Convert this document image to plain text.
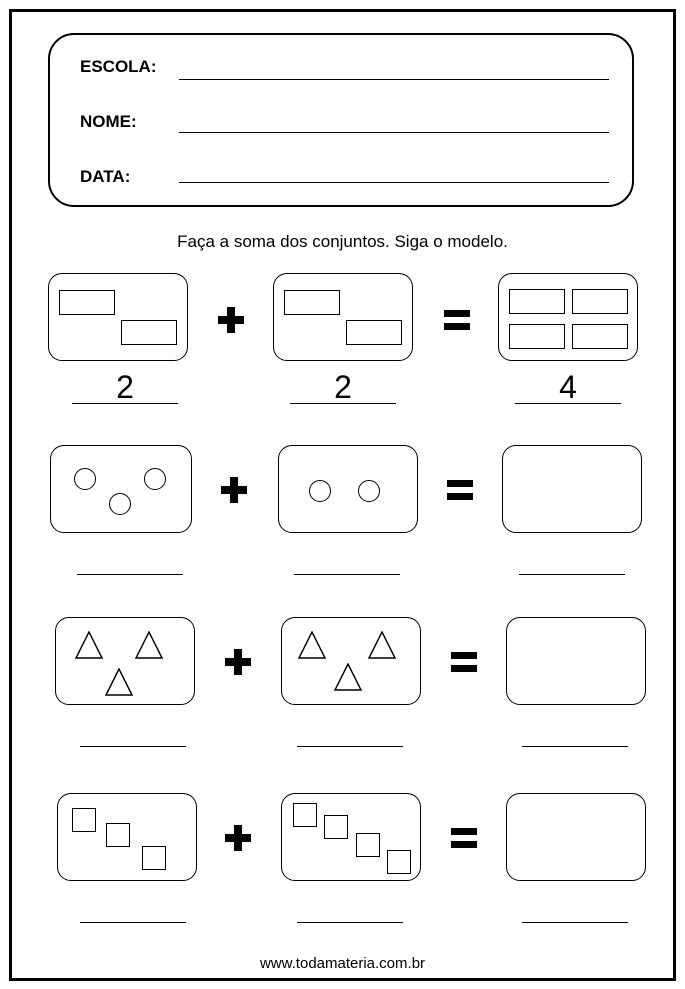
ESCOLA:
NOME:
DATA:
Faça a soma dos conjuntos. Siga o modelo.
2	2	4
www.todamateria.com.br
